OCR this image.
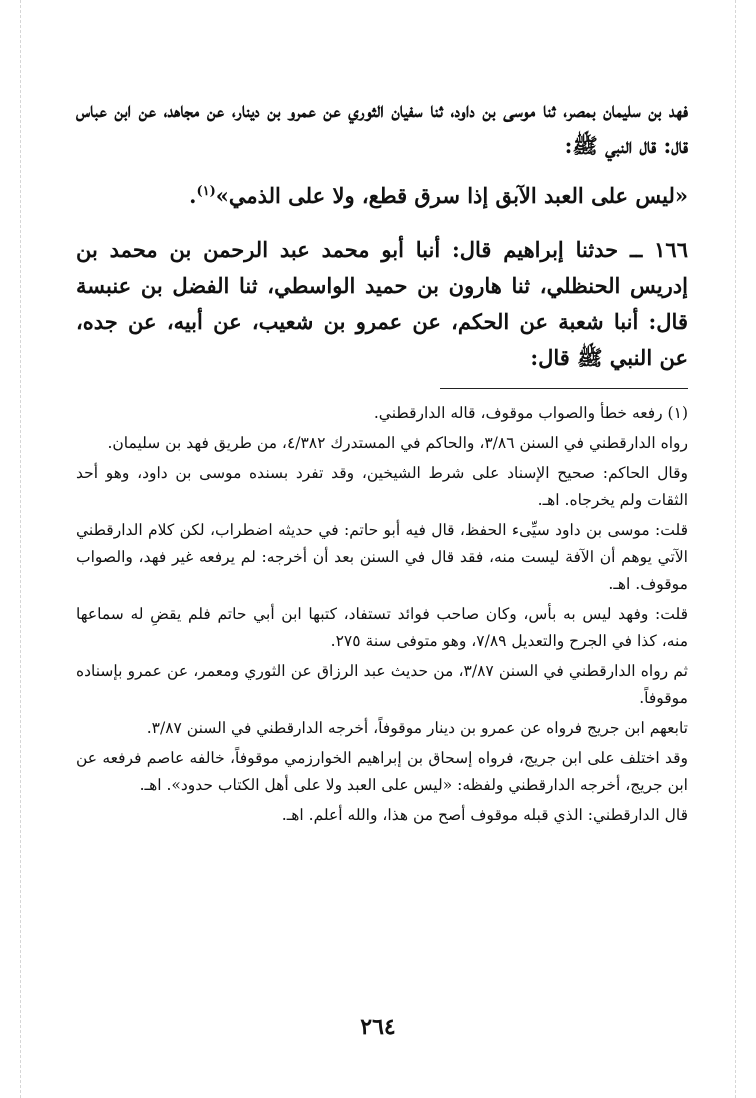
فهد بن سليمان بمصر، ثنا موسى بن داود، ثنا سفيان الثوري عن عمرو بن دينار، عن مجاهد، عن ابن عباس قال: قال النبي ﷺ:

«ليس على العبد الآبق إذا سرق قطع، ولا على الذمي»$^{(١)}$.

١٦٦ ــ حدثنا إبراهيم قال: أنبا أبو محمد عبد الرحمن بن محمد بن إدريس الحنظلي، ثنا هارون بن حميد الواسطي، ثنا الفضل بن عنبسة قال: أنبا شعبة عن الحكم، عن عمرو بن شعيب، عن أبيه، عن جده، عن النبي ﷺ قال:

(١) رفعه خطأ والصواب موقوف، قاله الدارقطني.

رواه الدارقطني في السنن ٣/٨٦، والحاكم في المستدرك ٤/٣٨٢، من طريق فهد بن سليمان.

وقال الحاكم: صحيح الإسناد على شرط الشيخين، وقد تفرد بسنده موسى بن داود، وهو أحد الثقات ولم يخرجاه. اهـ.

قلت: موسى بن داود سيِّىء الحفظ، قال فيه أبو حاتم: في حديثه اضطراب، لكن كلام الدارقطني الآتي يوهم أن الآفة ليست منه، فقد قال في السنن بعد أن أخرجه: لم يرفعه غير فهد، والصواب موقوف. اهـ.

قلت: وفهد ليس به بأس، وكان صاحب فوائد تستفاد، كتبها ابن أبي حاتم فلم يقضِ له سماعها منه، كذا في الجرح والتعديل ٧/٨٩، وهو متوفى سنة ٢٧٥.

ثم رواه الدارقطني في السنن ٣/٨٧، من حديث عبد الرزاق عن الثوري ومعمر، عن عمرو بإسناده موقوفاً.

تابعهم ابن جريج فرواه عن عمرو بن دينار موقوفاً، أخرجه الدارقطني في السنن ٣/٨٧.

وقد اختلف على ابن جريج، فرواه إسحاق بن إبراهيم الخوارزمي موقوفاً، خالفه عاصم فرفعه عن ابن جريج، أخرجه الدارقطني ولفظه: «ليس على العبد ولا على أهل الكتاب حدود». اهـ.

قال الدارقطني: الذي قبله موقوف أصح من هذا، والله أعلم. اهـ.

٢٦٤
